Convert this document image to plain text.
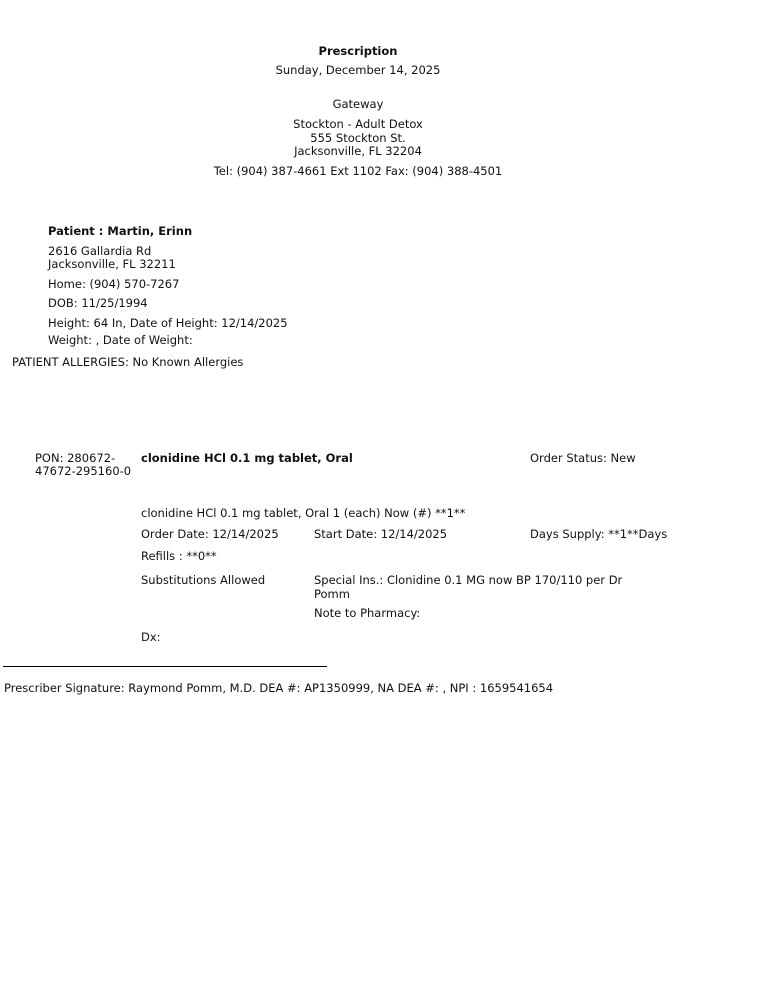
Prescription
Sunday, December 14, 2025
Gateway
Stockton - Adult Detox
555 Stockton St.
Jacksonville, FL 32204
Tel: (904) 387-4661 Ext 1102 Fax: (904) 388-4501
Patient : Martin, Erinn
2616 Gallardia Rd
Jacksonville, FL 32211
Home: (904) 570-7267
DOB: 11/25/1994
Height: 64 In, Date of Height: 12/14/2025
Weight: , Date of Weight:
PATIENT ALLERGIES: No Known Allergies
PON: 280672-
47672-295160-0
clonidine HCl 0.1 mg tablet, Oral	Order Status: New
clonidine HCl 0.1 mg tablet, Oral 1 (each) Now (#) **1**
Order Date: 12/14/2025	Start Date: 12/14/2025	Days Supply: **1**Days
Refills : **0**
Substitutions Allowed	Special Ins.: Clonidine 0.1 MG now BP 170/110 per Dr Pomm
Note to Pharmacy:
Dx:
Prescriber Signature: Raymond Pomm, M.D. DEA #: AP1350999, NA DEA #: , NPI : 1659541654
